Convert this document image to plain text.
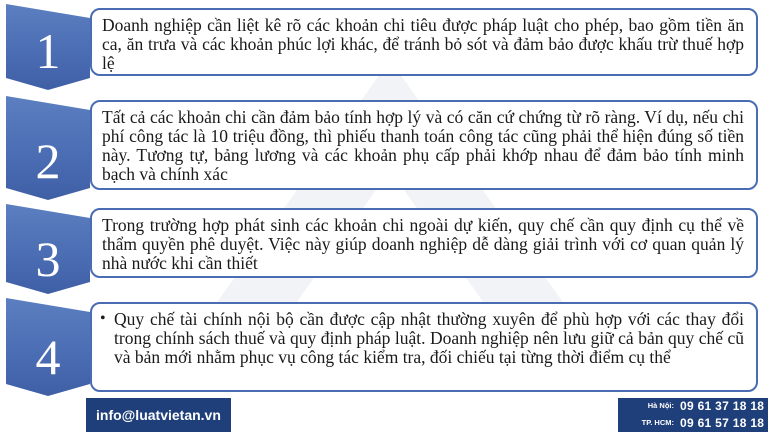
1	Doanh nghiệp cần liệt kê rõ các khoản chi tiêu được pháp luật cho phép, bao gồm tiền ăn ca, ăn trưa và các khoản phúc lợi khác, để tránh bỏ sót và đảm bảo được khấu trừ thuế hợp lệ
2
Tất cả các khoản chi cần đảm bảo tính hợp lý và có căn cứ chứng từ rõ ràng. Ví dụ, nếu chi phí công tác là 10 triệu đồng, thì phiếu thanh toán công tác cũng phải thể hiện đúng số tiền này. Tương tự, bảng lương và các khoản phụ cấp phải khớp nhau để đảm bảo tính minh bạch và chính xác
3
Trong trường hợp phát sinh các khoản chi ngoài dự kiến, quy chế cần quy định cụ thể về thẩm quyền phê duyệt. Việc này giúp doanh nghiệp dễ dàng giải trình với cơ quan quản lý nhà nước khi cần thiết
4
• Quy chế tài chính nội bộ cần được cập nhật thường xuyên để phù hợp với các thay đổi trong chính sách thuế và quy định pháp luật. Doanh nghiệp nên lưu giữ cả bản quy chế cũ và bản mới nhằm phục vụ công tác kiểm tra, đối chiếu tại từng thời điểm cụ thể
info@luatvietan.vn
Hà Nội: 09 61 37 18 18
TP. HCM: 09 61 57 18 18
